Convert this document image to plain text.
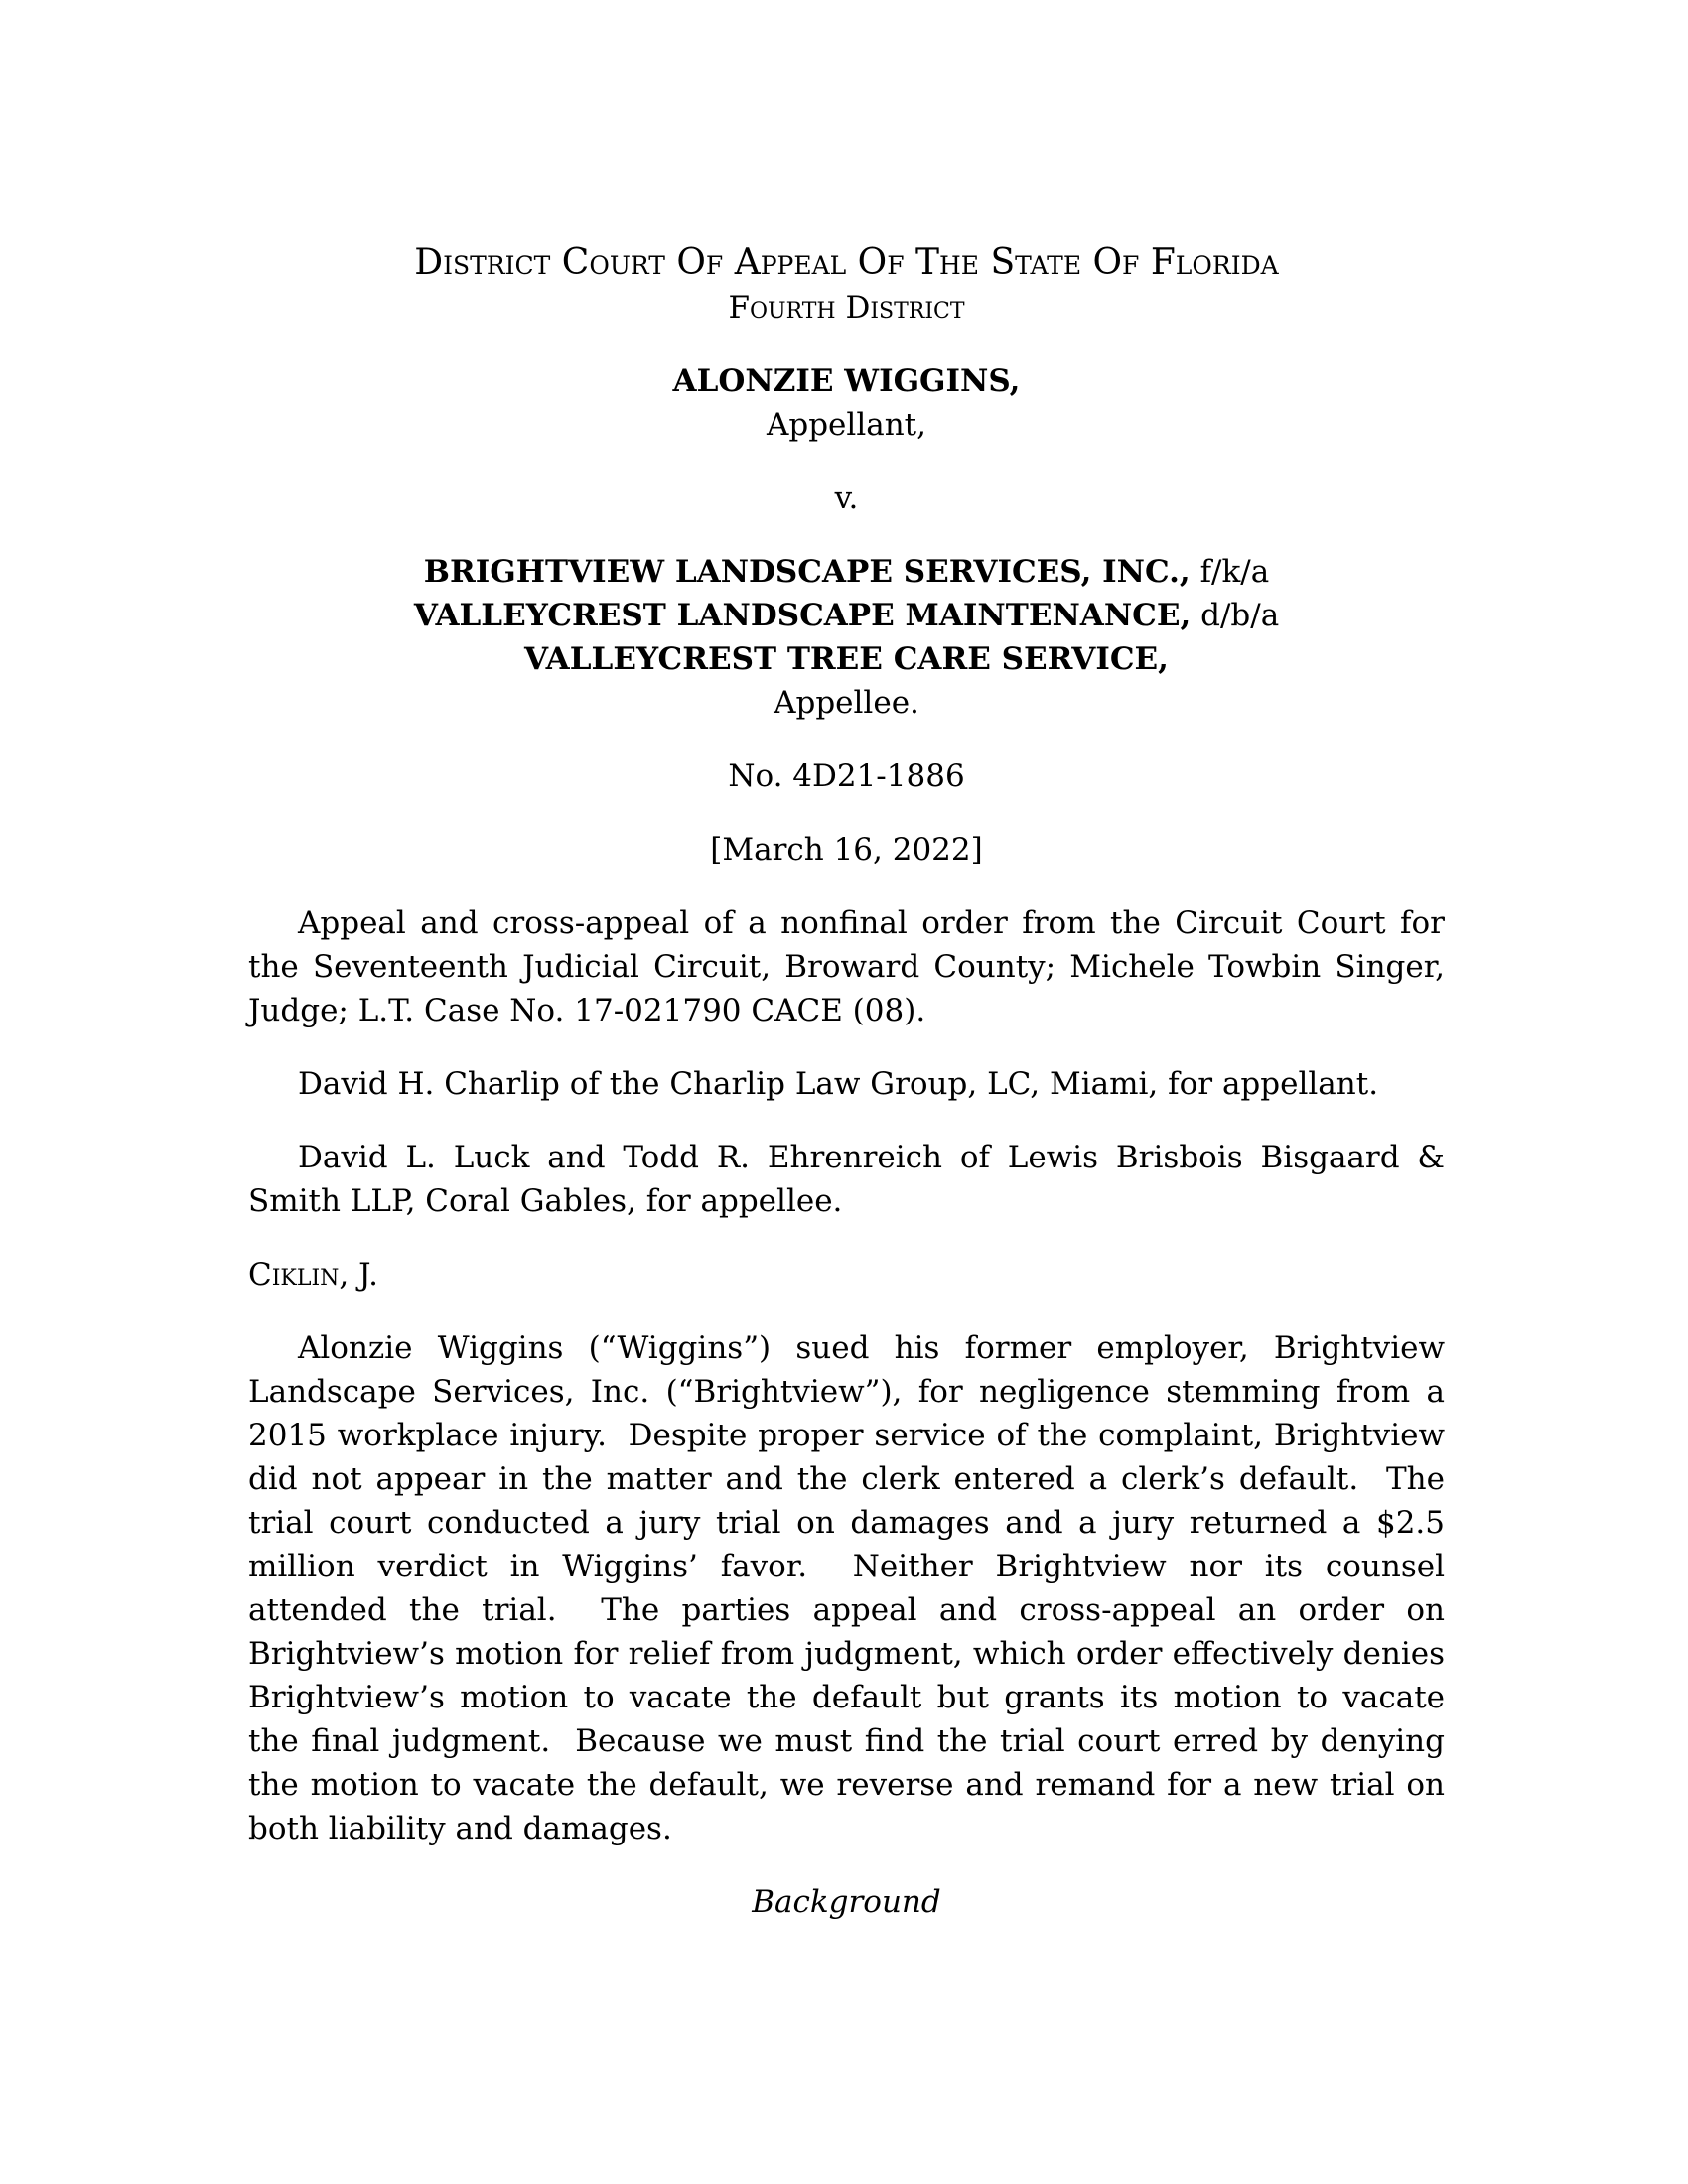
District Court Of Appeal Of The State Of Florida
Fourth District
ALONZIE WIGGINS,
Appellant,
v.
BRIGHTVIEW LANDSCAPE SERVICES, INC., f/k/a
VALLEYCREST LANDSCAPE MAINTENANCE, d/b/a
VALLEYCREST TREE CARE SERVICE,
Appellee.
No. 4D21-1886
[March 16, 2022]

Appeal and cross-appeal of a nonfinal order from the Circuit Court for the Seventeenth Judicial Circuit, Broward County; Michele Towbin Singer, Judge; L.T. Case No. 17-021790 CACE (08).

David H. Charlip of the Charlip Law Group, LC, Miami, for appellant.

David L. Luck and Todd R. Ehrenreich of Lewis Brisbois Bisgaard & Smith LLP, Coral Gables, for appellee.

Ciklin, J.

Alonzie Wiggins (“Wiggins”) sued his former employer, Brightview Landscape Services, Inc. (“Brightview”), for negligence stemming from a 2015 workplace injury.  Despite proper service of the complaint, Brightview did not appear in the matter and the clerk entered a clerk’s default.  The trial court conducted a jury trial on damages and a jury returned a $2.5 million verdict in Wiggins’ favor.  Neither Brightview nor its counsel attended the trial.  The parties appeal and cross-appeal an order on Brightview’s motion for relief from judgment, which order effectively denies Brightview’s motion to vacate the default but grants its motion to vacate the final judgment.  Because we must find the trial court erred by denying the motion to vacate the default, we reverse and remand for a new trial on both liability and damages.

Background
